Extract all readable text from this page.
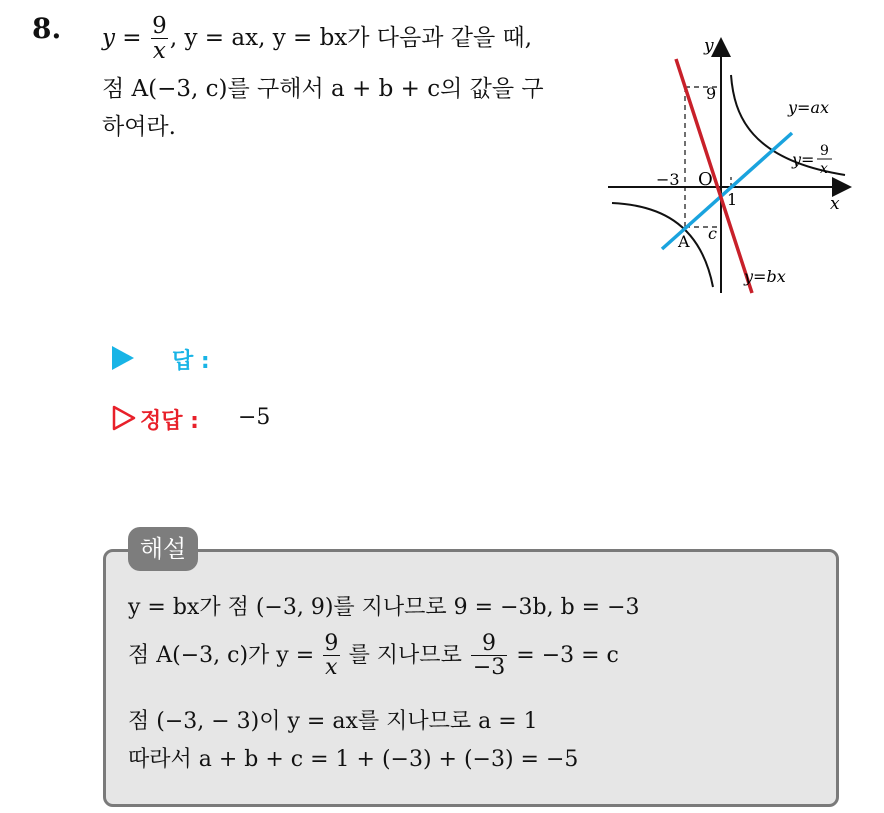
8. $y = \frac{9}{x}$ , y = ax, y = bx가 다음과 같을 때,
점 A(−3, c)를 구해서 a + b + c의 값을 구
하여라.
y
x
O
9
−3
1
c
A
y=ax
y=bx
y= 9
x
답 :
정답 : −5
해설
y = bx가 점 (−3, 9)를 지나므로 9 = −3b, b = −3
점 A(−3, c)가 $y = \frac{9}{x}$ 를 지나므로 $\frac{9}{-3} = -3 = c$
점 (−3, − 3)이 y = ax를 지나므로 a = 1
따라서 a + b + c = 1 + (−3) + (−3) = −5
